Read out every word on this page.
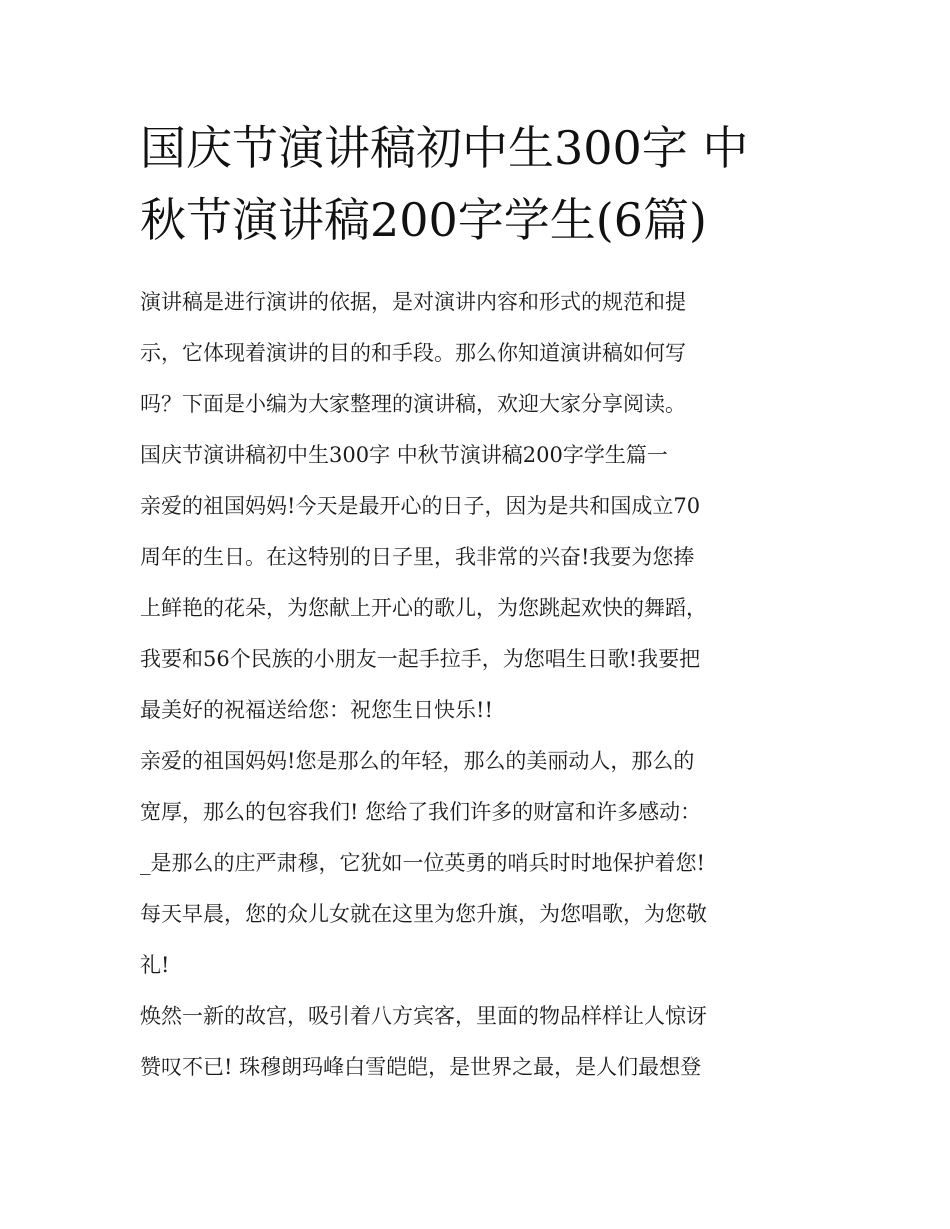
国庆节演讲稿初中生300字 中
秋节演讲稿200字学生(6篇)
演讲稿是进行演讲的依据，是对演讲内容和形式的规范和提
示，它体现着演讲的目的和手段。那么你知道演讲稿如何写
吗？下面是小编为大家整理的演讲稿，欢迎大家分享阅读。
国庆节演讲稿初中生300字 中秋节演讲稿200字学生篇一
亲爱的祖国妈妈!今天是最开心的日子，因为是共和国成立70
周年的生日。在这特别的日子里，我非常的兴奋!我要为您捧
上鲜艳的花朵，为您献上开心的歌儿，为您跳起欢快的舞蹈，
我要和56个民族的小朋友一起手拉手，为您唱生日歌!我要把
最美好的祝福送给您：祝您生日快乐!!
亲爱的祖国妈妈!您是那么的年轻，那么的美丽动人，那么的
宽厚，那么的包容我们! 您给了我们许多的财富和许多感动：
_是那么的庄严肃穆，它犹如一位英勇的哨兵时时地保护着您!
每天早晨，您的众儿女就在这里为您升旗，为您唱歌，为您敬
礼!
焕然一新的故宫，吸引着八方宾客，里面的物品样样让人惊讶
赞叹不已! 珠穆朗玛峰白雪皑皑，是世界之最，是人们最想登
